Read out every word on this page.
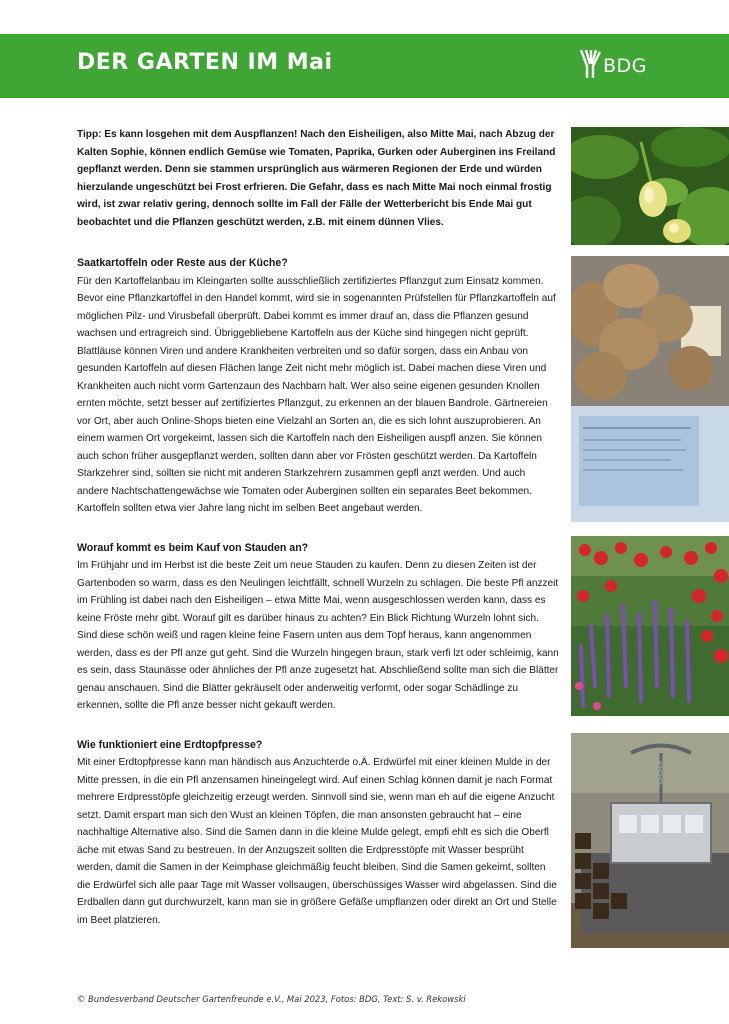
DER GARTEN IM Mai	BDG

Tipp: Es kann losgehen mit dem Auspflanzen! Nach den Eisheiligen, also Mitte Mai, nach Abzug der Kalten Sophie, können endlich Gemüse wie Tomaten, Paprika, Gurken oder Auberginen ins Freiland gepflanzt werden. Denn sie stammen ursprünglich aus wärmeren Regionen der Erde und würden hierzulande ungeschützt bei Frost erfrieren. Die Gefahr, dass es nach Mitte Mai noch einmal frostig wird, ist zwar relativ gering, dennoch sollte im Fall der Fälle der Wetterbericht bis Ende Mai gut beobachtet und die Pflanzen geschützt werden, z.B. mit einem dünnen Vlies.

Saatkartoffeln oder Reste aus der Küche?

Für den Kartoffelanbau im Kleingarten sollte ausschließlich zertifiziertes Pflanzgut zum Einsatz kommen. Bevor eine Pflanzkartoffel in den Handel kommt, wird sie in sogenannten Prüfstellen für Pflanzkartoffeln auf möglichen Pilz- und Virusbefall überprüft. Dabei kommt es immer drauf an, dass die Pflanzen gesund wachsen und ertragreich sind. Übriggebliebene Kartoffeln aus der Küche sind hingegen nicht geprüft. Blattläuse können Viren und andere Krankheiten verbreiten und so dafür sorgen, dass ein Anbau von gesunden Kartoffeln auf diesen Flächen lange Zeit nicht mehr möglich ist. Dabei machen diese Viren und Krankheiten auch nicht vorm Gartenzaun des Nachbarn halt. Wer also seine eigenen gesunden Knollen ernten möchte, setzt besser auf zertifiziertes Pflanzgut, zu erkennen an der blauen Bandrole. Gärtnereien vor Ort, aber auch Online-Shops bieten eine Vielzahl an Sorten an, die es sich lohnt auszuprobieren. An einem warmen Ort vorgekeimt, lassen sich die Kartoffeln nach den Eisheiligen auspfl anzen. Sie können auch schon früher ausgepflanzt werden, sollten dann aber vor Frösten geschützt werden. Da Kartoffeln Starkzehrer sind, sollten sie nicht mit anderen Starkzehrern zusammen gepfl anzt werden. Und auch andere Nachtschattengewächse wie Tomaten oder Auberginen sollten ein separates Beet bekommen. Kartoffeln sollten etwa vier Jahre lang nicht im selben Beet angebaut werden.

Worauf kommt es beim Kauf von Stauden an?

Im Frühjahr und im Herbst ist die beste Zeit um neue Stauden zu kaufen. Denn zu diesen Zeiten ist der Gartenboden so warm, dass es den Neulingen leichtfällt, schnell Wurzeln zu schlagen. Die beste Pfl anzzeit im Frühling ist dabei nach den Eisheiligen – etwa Mitte Mai, wenn ausgeschlossen werden kann, dass es keine Fröste mehr gibt. Worauf gilt es darüber hinaus zu achten? Ein Blick Richtung Wurzeln lohnt sich. Sind diese schön weiß und ragen kleine feine Fasern unten aus dem Topf heraus, kann angenommen werden, dass es der Pfl anze gut geht. Sind die Wurzeln hingegen braun, stark verfi lzt oder schleimig, kann es sein, dass Staunässe oder ähnliches der Pfl anze zugesetzt hat. Abschließend sollte man sich die Blätter genau anschauen. Sind die Blätter gekräuselt oder anderweitig verformt, oder sogar Schädlinge zu erkennen, sollte die Pfl anze besser nicht gekauft werden.

Wie funktioniert eine Erdtopfpresse?

Mit einer Erdtopfpresse kann man händisch aus Anzuchterde o.Ä. Erdwürfel mit einer kleinen Mulde in der Mitte pressen, in die ein Pfl anzensamen hineingelegt wird. Auf einen Schlag können damit je nach Format mehrere Erdpresstöpfe gleichzeitig erzeugt werden. Sinnvoll sind sie, wenn man eh auf die eigene Anzucht setzt. Damit erspart man sich den Wust an kleinen Töpfen, die man ansonsten gebraucht hat – eine nachhaltige Alternative also. Sind die Samen dann in die kleine Mulde gelegt, empfi ehlt es sich die Oberfl äche mit etwas Sand zu bestreuen. In der Anzugszeit sollten die Erdpresstöpfe mit Wasser besprüht werden, damit die Samen in der Keimphase gleichmäßig feucht bleiben. Sind die Samen gekeimt, sollten die Erdwürfel sich alle paar Tage mit Wasser vollsaugen, überschüssiges Wasser wird abgelassen. Sind die Erdballen dann gut durchwurzelt, kann man sie in größere Gefäße umpflanzen oder direkt an Ort und Stelle im Beet platzieren.

© Bundesverband Deutscher Gartenfreunde e.V., Mai 2023, Fotos: BDG, Text: S. v. Rekowski
